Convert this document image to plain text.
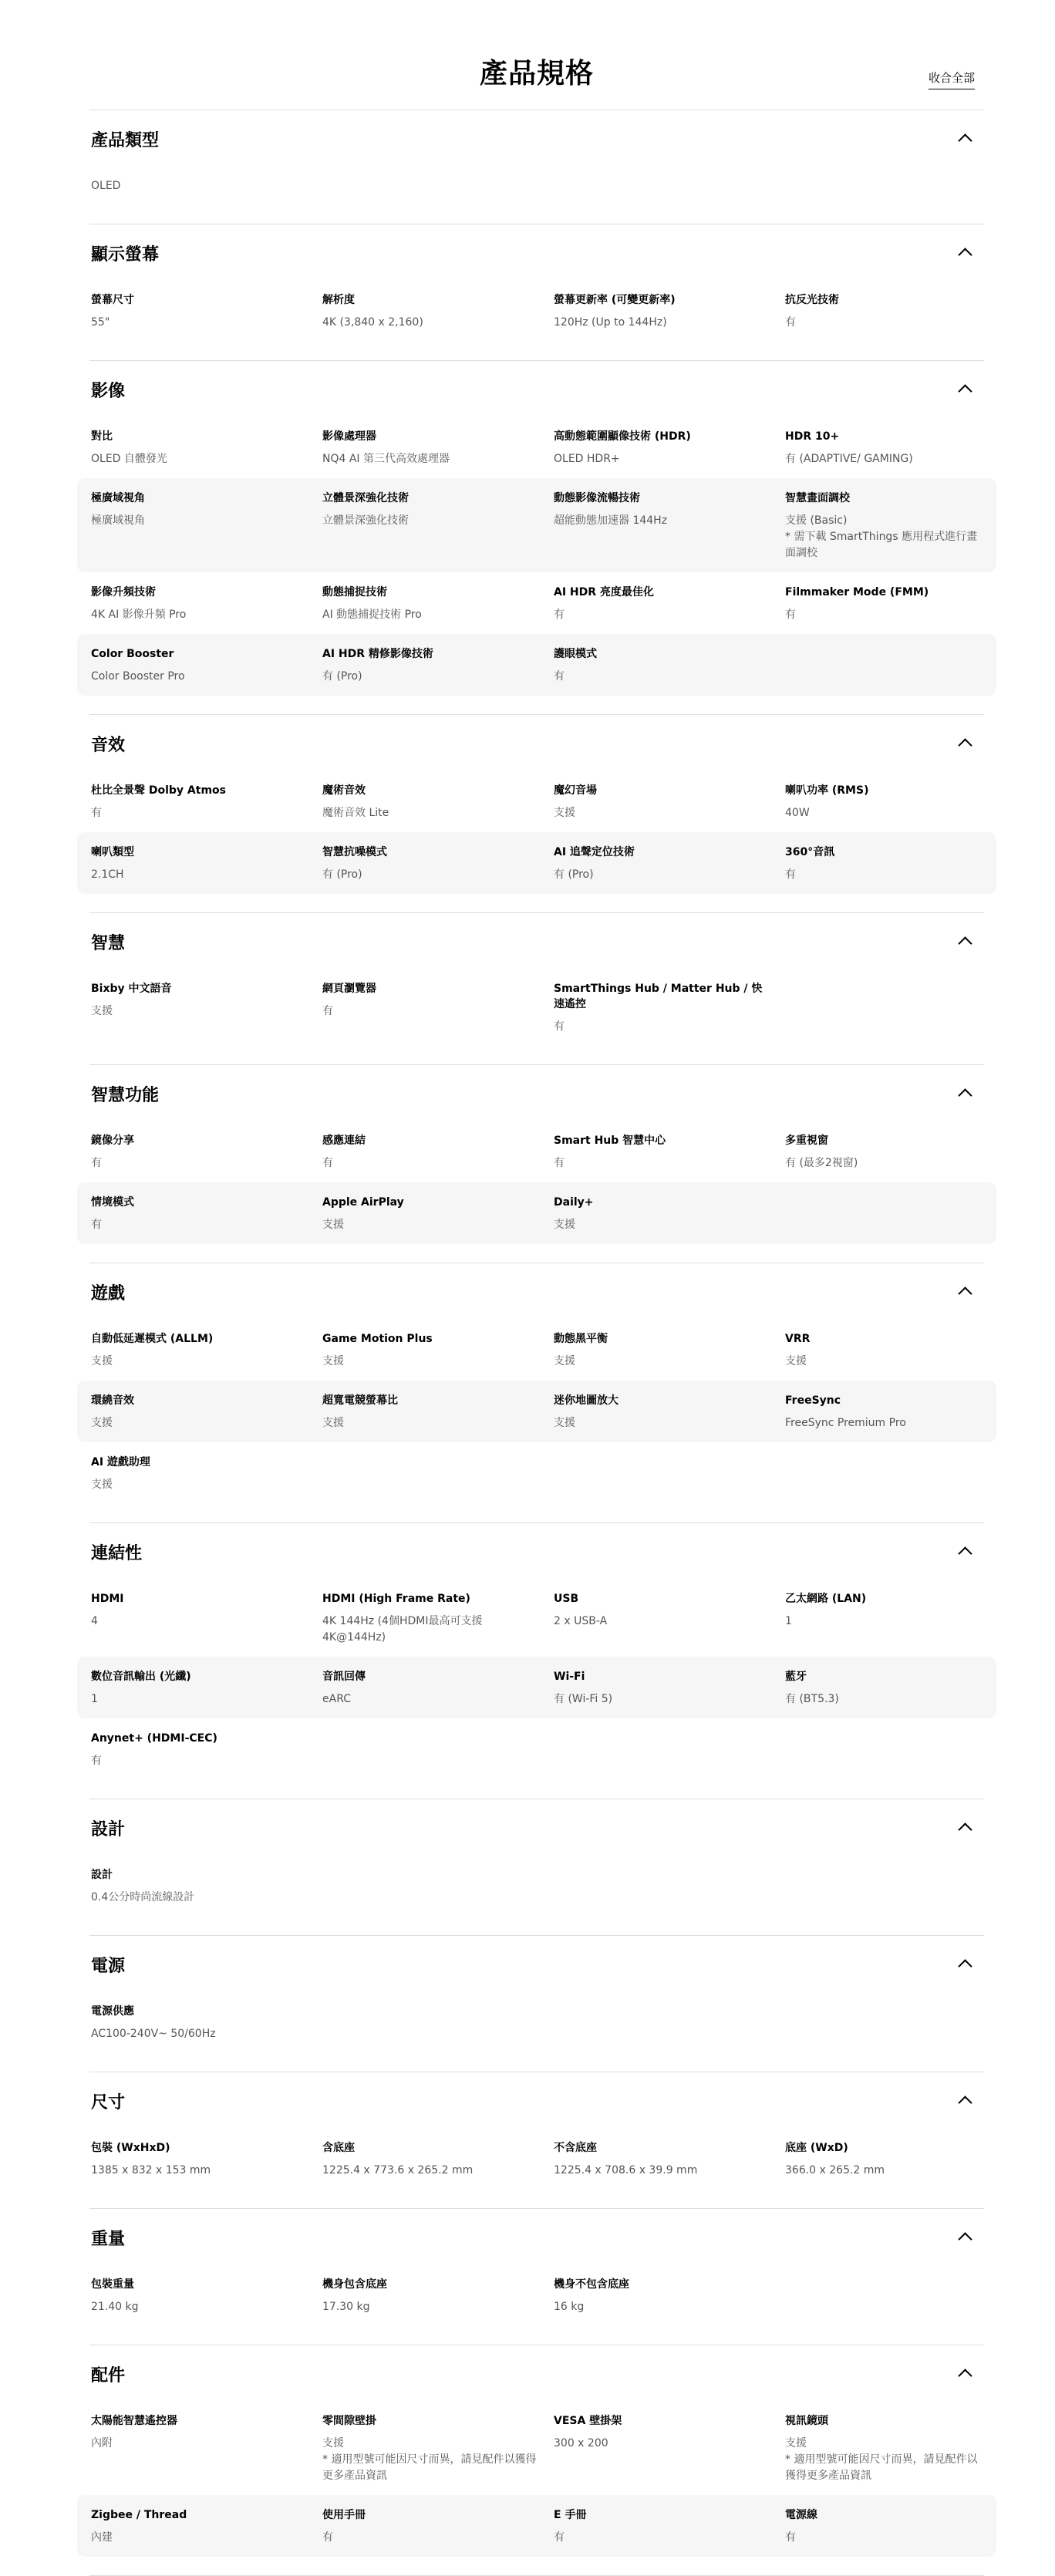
產品規格	收合全部
產品類型
OLED
顯示螢幕
螢幕尺寸
55"
解析度
4K (3,840 x 2,160)
螢幕更新率 (可變更新率)
120Hz (Up to 144Hz)
抗反光技術
有
影像
對比
OLED 自體發光
影像處理器
NQ4 AI 第三代高效處理器
高動態範圍顯像技術 (HDR)
OLED HDR+
HDR 10+
有 (ADAPTIVE/ GAMING)
極廣域視角
極廣域視角
立體景深強化技術
立體景深強化技術
動態影像流暢技術
超能動態加速器 144Hz
智慧畫面調校
支援 (Basic)
* 需下載 SmartThings 應用程式進行畫面調校
影像升頻技術
4K AI 影像升頻 Pro
動態捕捉技術
AI 動態捕捉技術 Pro
AI HDR 亮度最佳化
有
Filmmaker Mode (FMM)
有
Color Booster
Color Booster Pro
AI HDR 精修影像技術
有 (Pro)
護眼模式
有
音效
杜比全景聲 Dolby Atmos
有
魔術音效
魔術音效 Lite
魔幻音場
支援
喇叭功率 (RMS)
40W
喇叭類型
2.1CH
智慧抗噪模式
有 (Pro)
AI 追聲定位技術
有 (Pro)
360°音訊
有
智慧
Bixby 中文語音
支援
網頁瀏覽器
有
SmartThings Hub / Matter Hub / 快速遙控
有
智慧功能
鏡像分享
有
感應連結
有
Smart Hub 智慧中心
有
多重視窗
有 (最多2視窗)
情境模式
有
Apple AirPlay
支援
Daily+
支援
遊戲
自動低延遲模式 (ALLM)
支援
Game Motion Plus
支援
動態黑平衡
支援
VRR
支援
環繞音效
支援
超寬電競螢幕比
支援
迷你地圖放大
支援
FreeSync
FreeSync Premium Pro
AI 遊戲助理
支援
連結性
HDMI
4
HDMI (High Frame Rate)
4K 144Hz (4個HDMI最高可支援4K@144Hz)
USB
2 x USB-A
乙太網路 (LAN)
1
數位音訊輸出 (光纖)
1
音訊回傳
eARC
Wi-Fi
有 (Wi-Fi 5)
藍牙
有 (BT5.3)
Anynet+ (HDMI-CEC)
有
設計
設計
0.4公分時尚流線設計
電源
電源供應
AC100-240V~ 50/60Hz
尺寸
包裝 (WxHxD)
1385 x 832 x 153 mm
含底座
1225.4 x 773.6 x 265.2 mm
不含底座
1225.4 x 708.6 x 39.9 mm
底座 (WxD)
366.0 x 265.2 mm
重量
包裝重量
21.40 kg
機身包含底座
17.30 kg
機身不包含底座
16 kg
配件
太陽能智慧遙控器
內附
零間隙壁掛
支援
* 適用型號可能因尺寸而異，請見配件以獲得更多產品資訊
VESA 壁掛架
300 x 200
視訊鏡頭
支援
* 適用型號可能因尺寸而異，請見配件以獲得更多產品資訊
Zigbee / Thread
內建
使用手冊
有
E 手冊
有
電源線
有
